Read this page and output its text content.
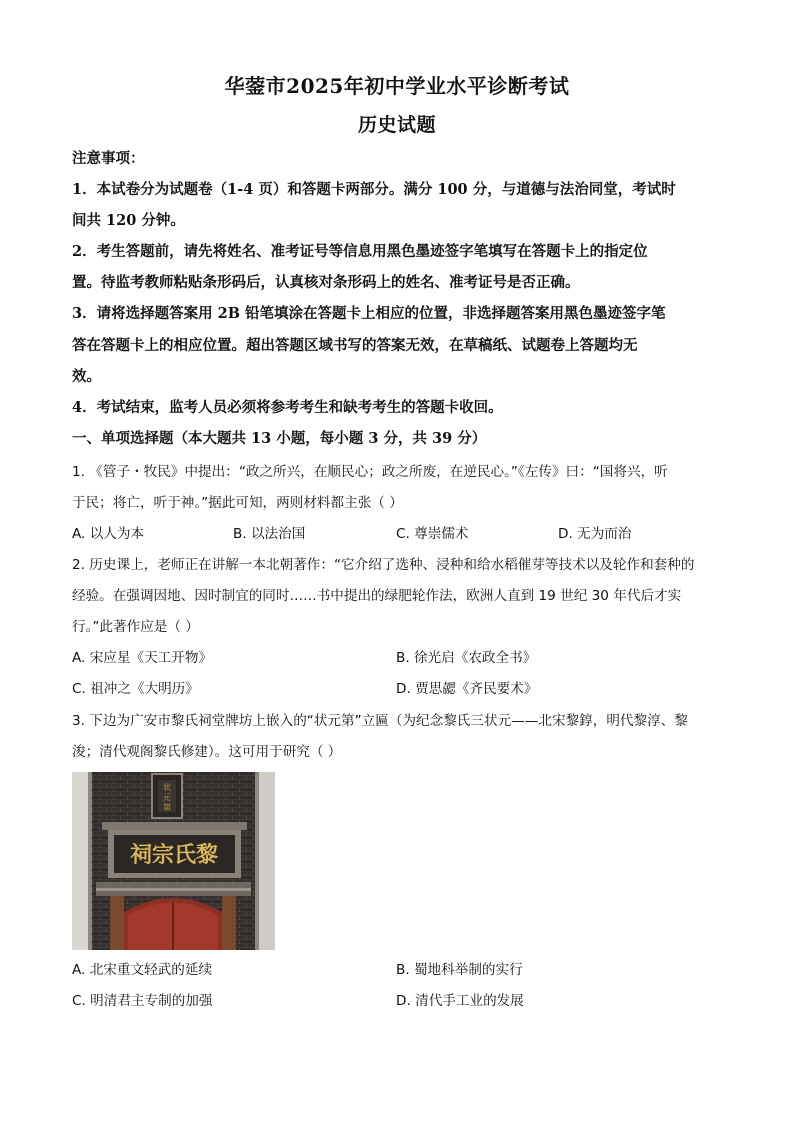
华蓥市2025年初中学业水平诊断考试
历史试题
注意事项：
1．本试卷分为试题卷（1-4 页）和答题卡两部分。满分 100 分，与道德与法治同堂，考试时
间共 120 分钟。
2．考生答题前，请先将姓名、准考证号等信息用黑色墨迹签字笔填写在答题卡上的指定位
置。待监考教师粘贴条形码后，认真核对条形码上的姓名、准考证号是否正确。
3．请将选择题答案用 2B 铅笔填涂在答题卡上相应的位置，非选择题答案用黑色墨迹签字笔
答在答题卡上的相应位置。超出答题区域书写的答案无效，在草稿纸、试题卷上答题均无
效。
4．考试结束，监考人员必须将参考考生和缺考考生的答题卡收回。
一、单项选择题（本大题共 13 小题，每小题 3 分，共 39 分）
1. 《管子・牧民》中提出：“政之所兴，在顺民心；政之所废，在逆民心。”《左传》曰：“国将兴，听
于民；将亡，听于神。”据此可知，两则材料都主张（ ）
A. 以人为本	B. 以法治国	C. 尊崇儒术	D. 无为而治
2. 历史课上，老师正在讲解一本北朝著作：“它介绍了选种、浸种和给水稻催芽等技术以及轮作和套种的
经验。在强调因地、因时制宜的同时……书中提出的绿肥轮作法，欧洲人直到 19 世纪 30 年代后才实
行。”此著作应是（ ）
A. 宋应星《天工开物》	B. 徐光启《农政全书》
C. 祖冲之《大明历》	D. 贾思勰《齐民要术》
3. 下边为广安市黎氏祠堂牌坊上嵌入的“状元第”立匾（为纪念黎氏三状元——北宋黎錞，明代黎淳、黎
浚；清代观阁黎氏修建）。这可用于研究（ ）
状
元
第
祠宗氏黎
A. 北宋重文轻武的延续	B. 蜀地科举制的实行
C. 明清君主专制的加强	D. 清代手工业的发展
